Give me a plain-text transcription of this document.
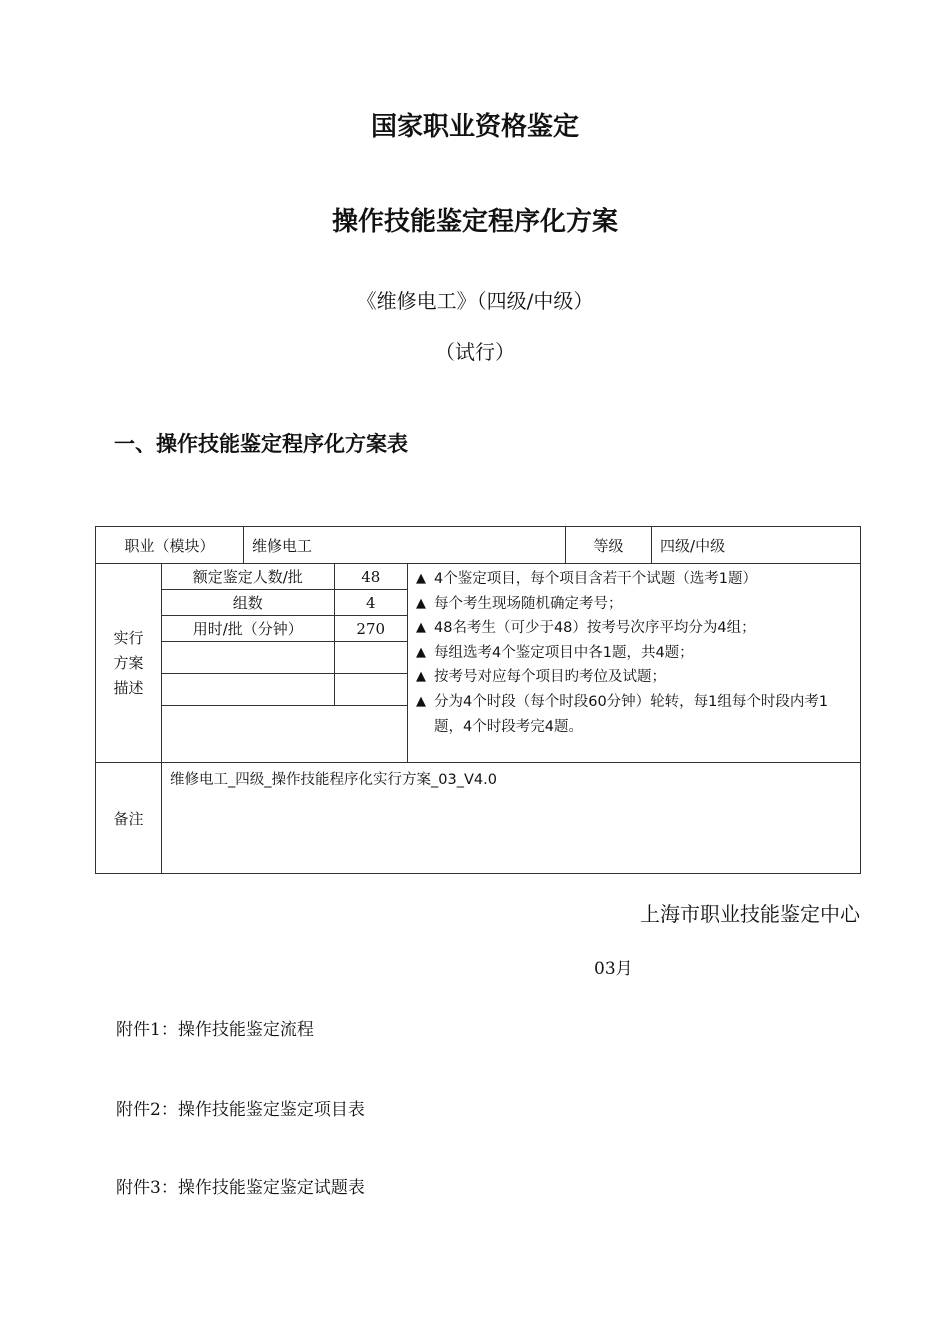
国家职业资格鉴定
操作技能鉴定程序化方案
《维修电工》（四级/中级）
（试行）
一、操作技能鉴定程序化方案表
职业（模块）	维修电工	等级	四级/中级

实行
方案
描述

额定鉴定人数/批	48
组数	4
用时/批（分钟）	270

▲ 4个鉴定项目，每个项目含若干个试题（选考1题）
▲ 每个考生现场随机确定考号；
▲ 48名考生（可少于48）按考号次序平均分为4组；
▲ 每组选考4个鉴定项目中各1题，共4题；
▲ 按考号对应每个项目旳考位及试题；
▲ 分为4个时段（每个时段60分钟）轮转，每1组每个时段内考1题，4个时段考完4题。

备注	维修电工_四级_操作技能程序化实行方案_03_V4.0
上海市职业技能鉴定中心
03月
附件1：操作技能鉴定流程
附件2：操作技能鉴定鉴定项目表
附件3：操作技能鉴定鉴定试题表
